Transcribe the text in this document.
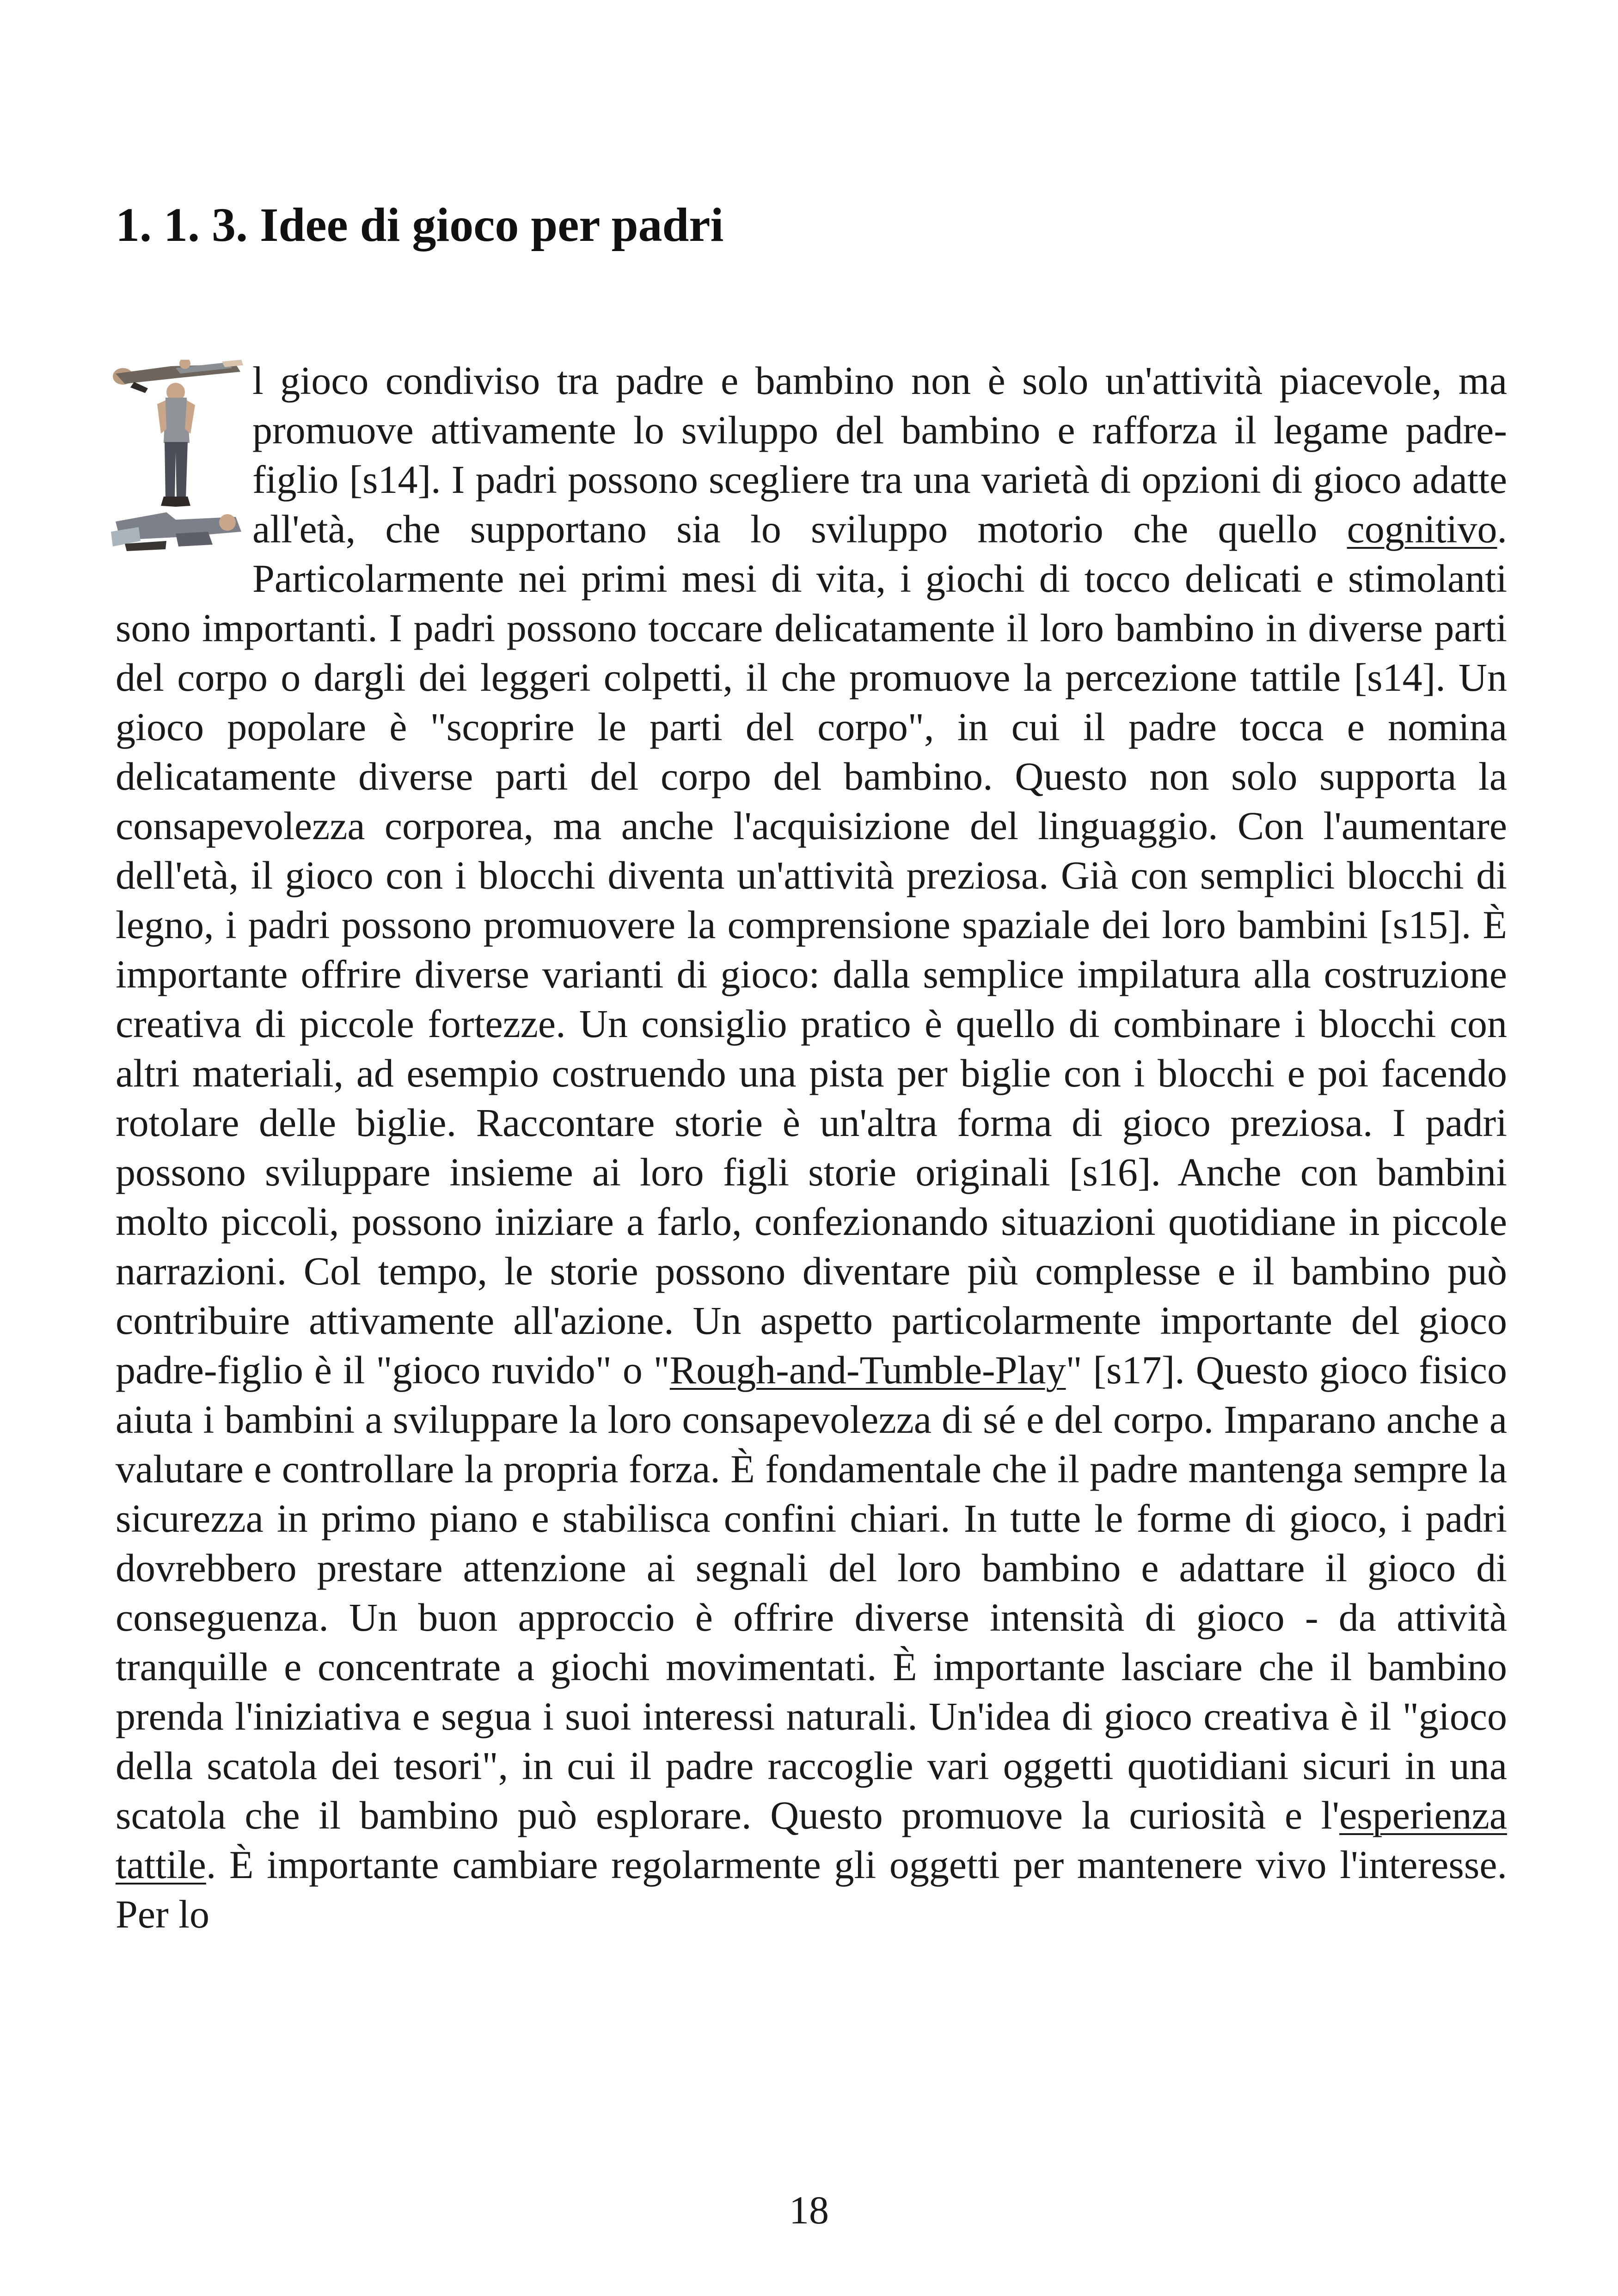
1. 1. 3. Idee di gioco per padri

l gioco condiviso tra padre e bambino non è solo un'attività piacevole, ma promuove attivamente lo sviluppo del bambino e rafforza il legame padre-figlio [s14]. I padri possono scegliere tra una varietà di opzioni di gioco adatte all'età, che supportano sia lo sviluppo motorio che quello cognitivo. Particolarmente nei primi mesi di vita, i giochi di tocco delicati e stimolanti sono importanti. I padri possono toccare delicatamente il loro bambino in diverse parti del corpo o dargli dei leggeri colpetti, il che promuove la percezione tattile [s14]. Un gioco popolare è "scoprire le parti del corpo", in cui il padre tocca e nomina delicatamente diverse parti del corpo del bambino. Questo non solo supporta la consapevolezza corporea, ma anche l'acquisizione del linguaggio. Con l'aumentare dell'età, il gioco con i blocchi diventa un'attività preziosa. Già con semplici blocchi di legno, i padri possono promuovere la comprensione spaziale dei loro bambini [s15]. È importante offrire diverse varianti di gioco: dalla semplice impilatura alla costruzione creativa di piccole fortezze. Un consiglio pratico è quello di combinare i blocchi con altri materiali, ad esempio costruendo una pista per biglie con i blocchi e poi facendo rotolare delle biglie. Raccontare storie è un'altra forma di gioco preziosa. I padri possono sviluppare insieme ai loro figli storie originali [s16]. Anche con bambini molto piccoli, possono iniziare a farlo, confezionando situazioni quotidiane in piccole narrazioni. Col tempo, le storie possono diventare più complesse e il bambino può contribuire attivamente all'azione. Un aspetto particolarmente importante del gioco padre-figlio è il "gioco ruvido" o "Rough-and-Tumble-Play" [s17]. Questo gioco fisico aiuta i bambini a sviluppare la loro consapevolezza di sé e del corpo. Imparano anche a valutare e controllare la propria forza. È fondamentale che il padre mantenga sempre la sicurezza in primo piano e stabilisca confini chiari. In tutte le forme di gioco, i padri dovrebbero prestare attenzione ai segnali del loro bambino e adattare il gioco di conseguenza. Un buon approccio è offrire diverse intensità di gioco - da attività tranquille e concentrate a giochi movimentati. È importante lasciare che il bambino prenda l'iniziativa e segua i suoi interessi naturali. Un'idea di gioco creativa è il "gioco della scatola dei tesori", in cui il padre raccoglie vari oggetti quotidiani sicuri in una scatola che il bambino può esplorare. Questo promuove la curiosità e l'esperienza tattile. È importante cambiare regolarmente gli oggetti per mantenere vivo l'interesse. Per lo

18
